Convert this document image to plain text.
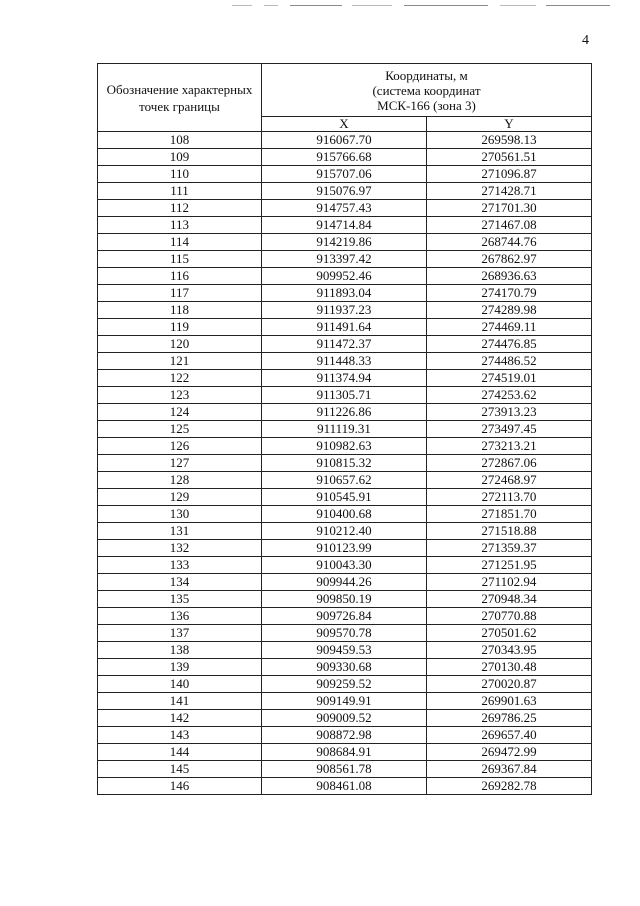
4
Обозначение характерных точек границы	Координаты, м
(система координат
МСК-166 (зона 3)	

	X	Y
108	916067.70	269598.13
109	915766.68	270561.51
110	915707.06	271096.87
111	915076.97	271428.71
112	914757.43	271701.30
113	914714.84	271467.08
114	914219.86	268744.76
115	913397.42	267862.97
116	909952.46	268936.63
117	911893.04	274170.79
118	911937.23	274289.98
119	911491.64	274469.11
120	911472.37	274476.85
121	911448.33	274486.52
122	911374.94	274519.01
123	911305.71	274253.62
124	911226.86	273913.23
125	911119.31	273497.45
126	910982.63	273213.21
127	910815.32	272867.06
128	910657.62	272468.97
129	910545.91	272113.70
130	910400.68	271851.70
131	910212.40	271518.88
132	910123.99	271359.37
133	910043.30	271251.95
134	909944.26	271102.94
135	909850.19	270948.34
136	909726.84	270770.88
137	909570.78	270501.62
138	909459.53	270343.95
139	909330.68	270130.48
140	909259.52	270020.87
141	909149.91	269901.63
142	909009.52	269786.25
143	908872.98	269657.40
144	908684.91	269472.99
145	908561.78	269367.84
146	908461.08	269282.78
